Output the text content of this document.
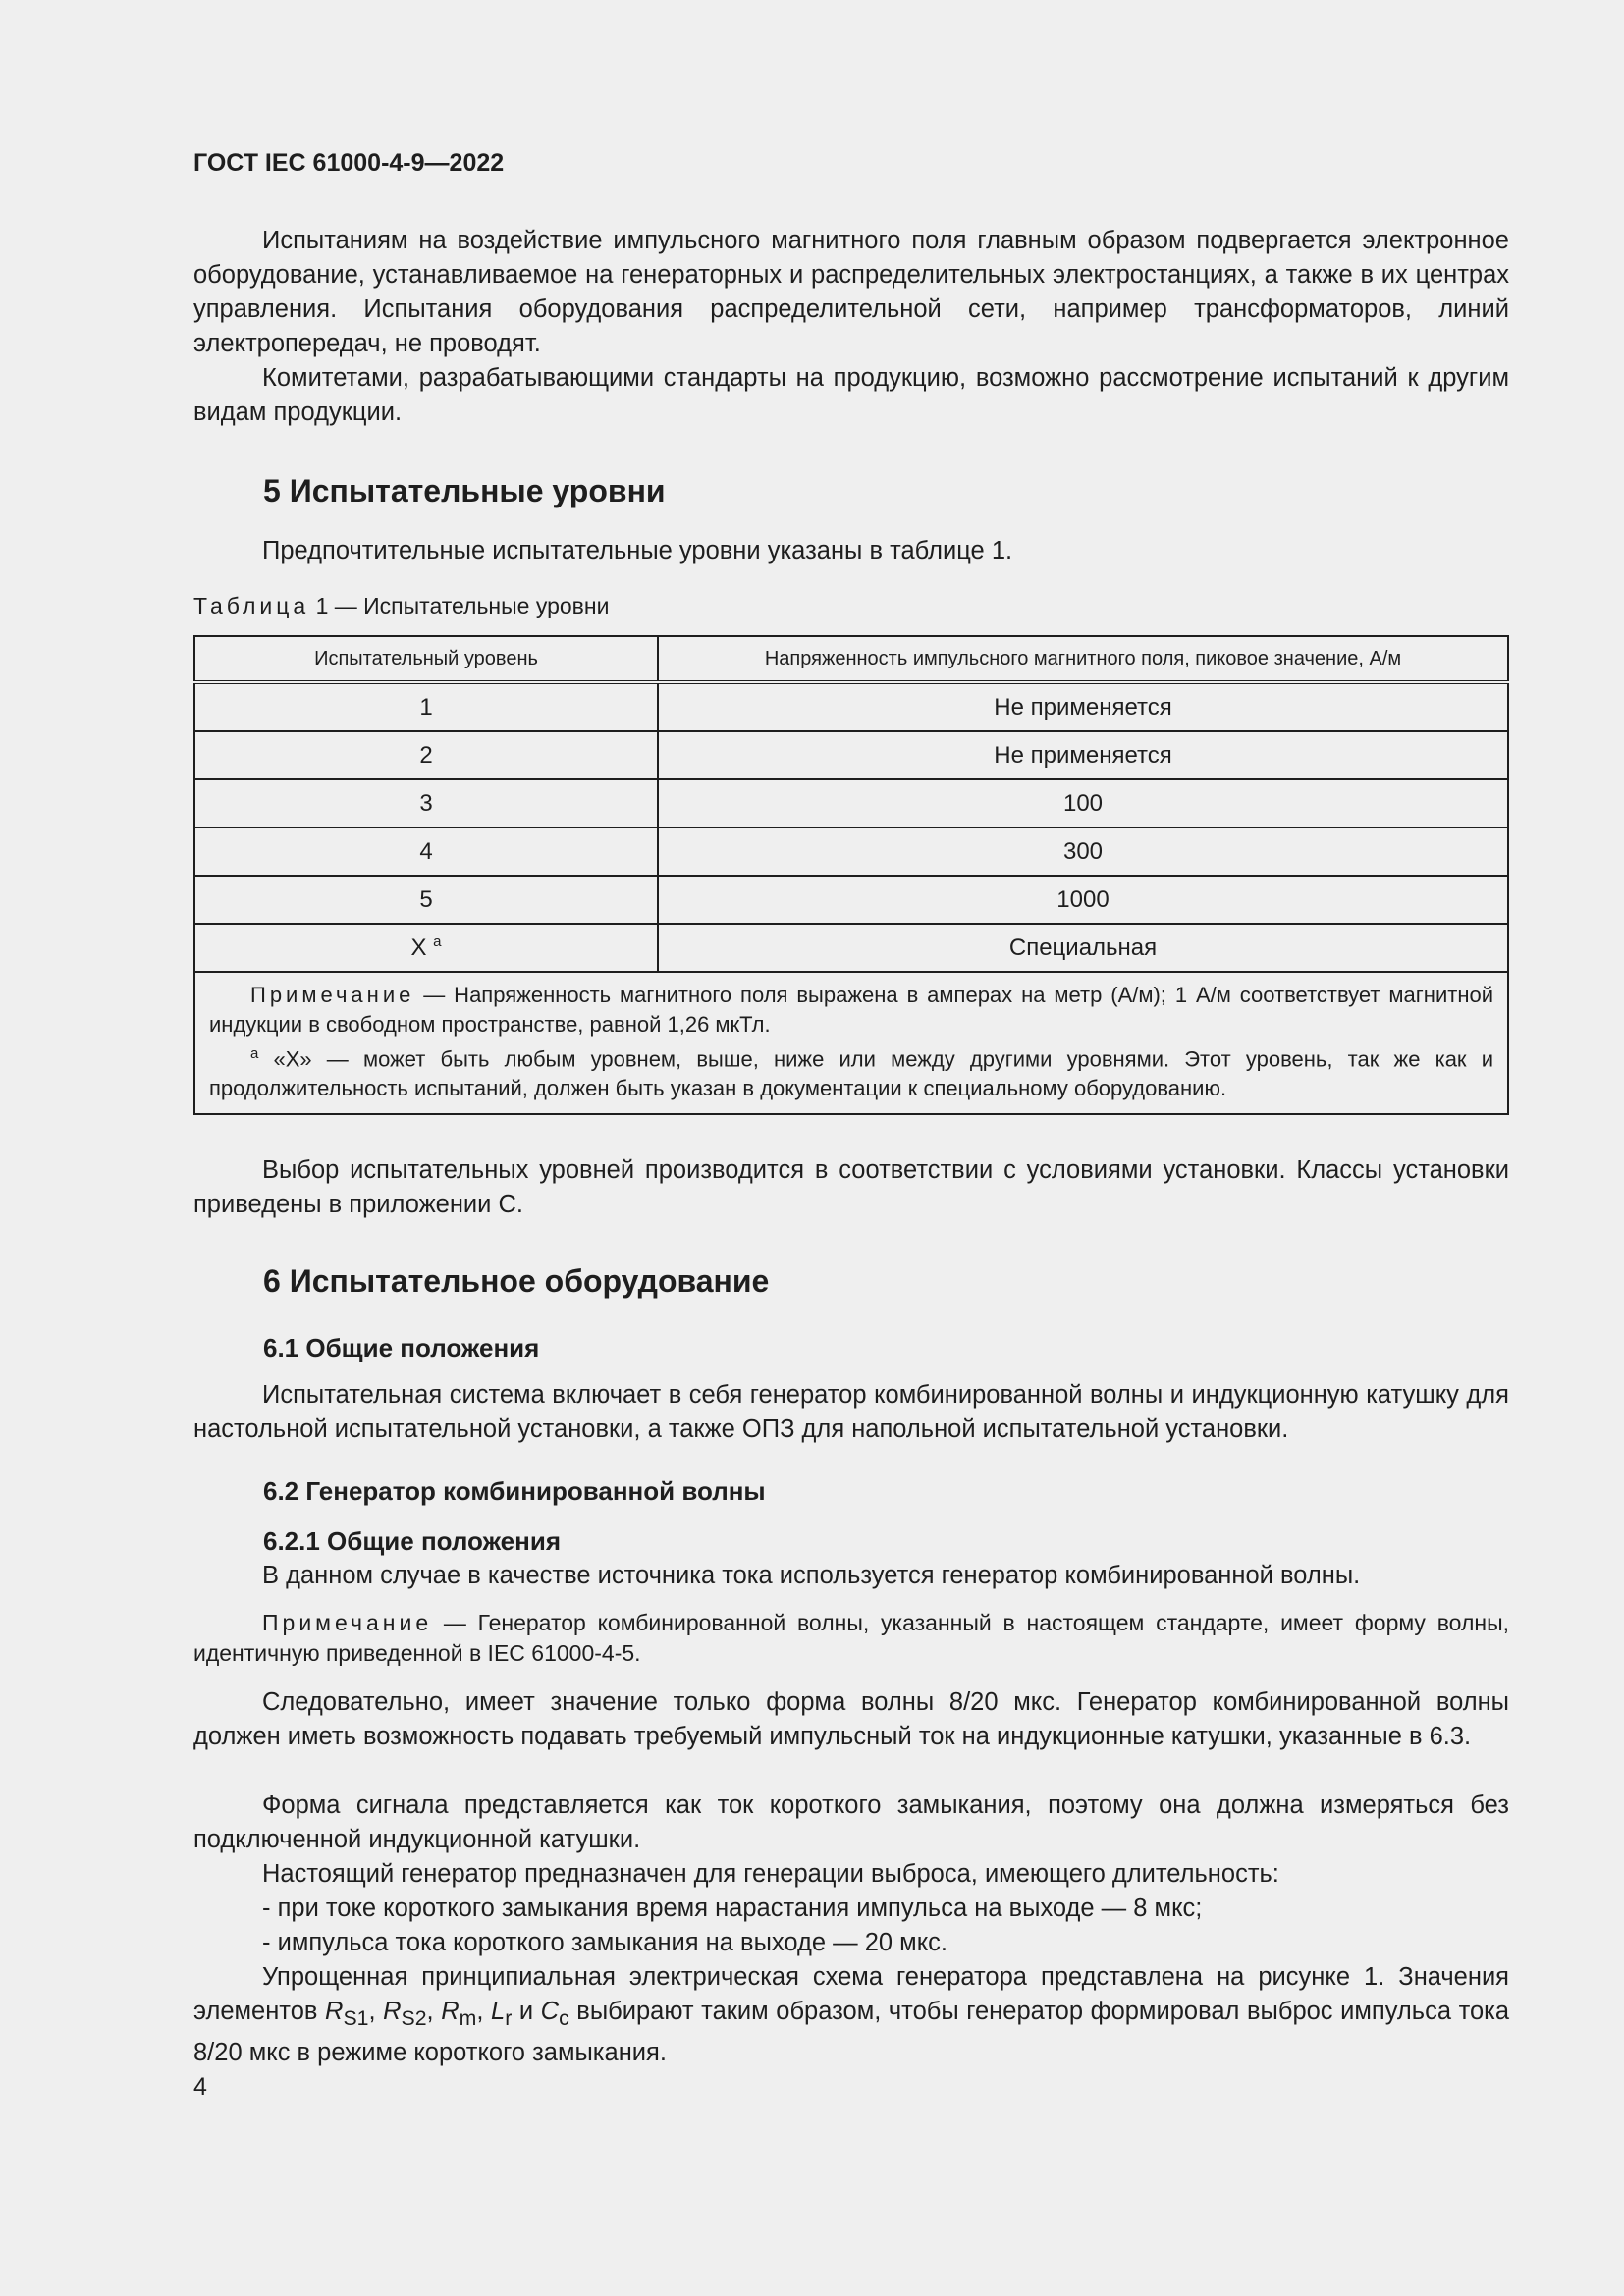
ГОСТ IEC 61000-4-9—2022

Испытаниям на воздействие импульсного магнитного поля главным образом подвергается электронное оборудование, устанавливаемое на генераторных и распределительных электростанциях, а также в их центрах управления. Испытания оборудования распределительной сети, например трансформаторов, линий электропередач, не проводят.

Комитетами, разрабатывающими стандарты на продукцию, возможно рассмотрение испытаний к другим видам продукции.

5 Испытательные уровни

Предпочтительные испытательные уровни указаны в таблице 1.

Таблица 1 — Испытательные уровни
Испытательный уровень	Напряженность импульсного магнитного поля, пиковое значение, А/м
1	Не применяется
2	Не применяется
3	100
4	300
5	1000
X $^a$	Специальная

Примечание — Напряженность магнитного поля выражена в амперах на метр (А/м); 1 А/м соответствует магнитной индукции в свободном пространстве, равной 1,26 мкТл.

$^a$ «X» — может быть любым уровнем, выше, ниже или между другими уровнями. Этот уровень, так же как и продолжительность испытаний, должен быть указан в документации к специальному оборудованию.	

Выбор испытательных уровней производится в соответствии с условиями установки. Классы установки приведены в приложении С.

6 Испытательное оборудование
6.1 Общие положения

Испытательная система включает в себя генератор комбинированной волны и индукционную катушку для настольной испытательной установки, а также ОПЗ для напольной испытательной установки.

6.2 Генератор комбинированной волны
6.2.1 Общие положения

В данном случае в качестве источника тока используется генератор комбинированной волны.

Примечание — Генератор комбинированной волны, указанный в настоящем стандарте, имеет форму волны, идентичную приведенной в IEC 61000-4-5.

Следовательно, имеет значение только форма волны 8/20 мкс. Генератор комбинированной волны должен иметь возможность подавать требуемый импульсный ток на индукционные катушки, указанные в 6.3.

Форма сигнала представляется как ток короткого замыкания, поэтому она должна измеряться без подключенной индукционной катушки.

Настоящий генератор предназначен для генерации выброса, имеющего длительность:

- при токе короткого замыкания время нарастания импульса на выходе — 8 мкс;

- импульса тока короткого замыкания на выходе — 20 мкс.

Упрощенная принципиальная электрическая схема генератора представлена на рисунке 1. Значения элементов $R_{S1}$, $R_{S2}$, $R_m$, $L_r$ и $C_c$ выбирают таким образом, чтобы генератор формировал выброс импульса тока 8/20 мкс в режиме короткого замыкания.

4
